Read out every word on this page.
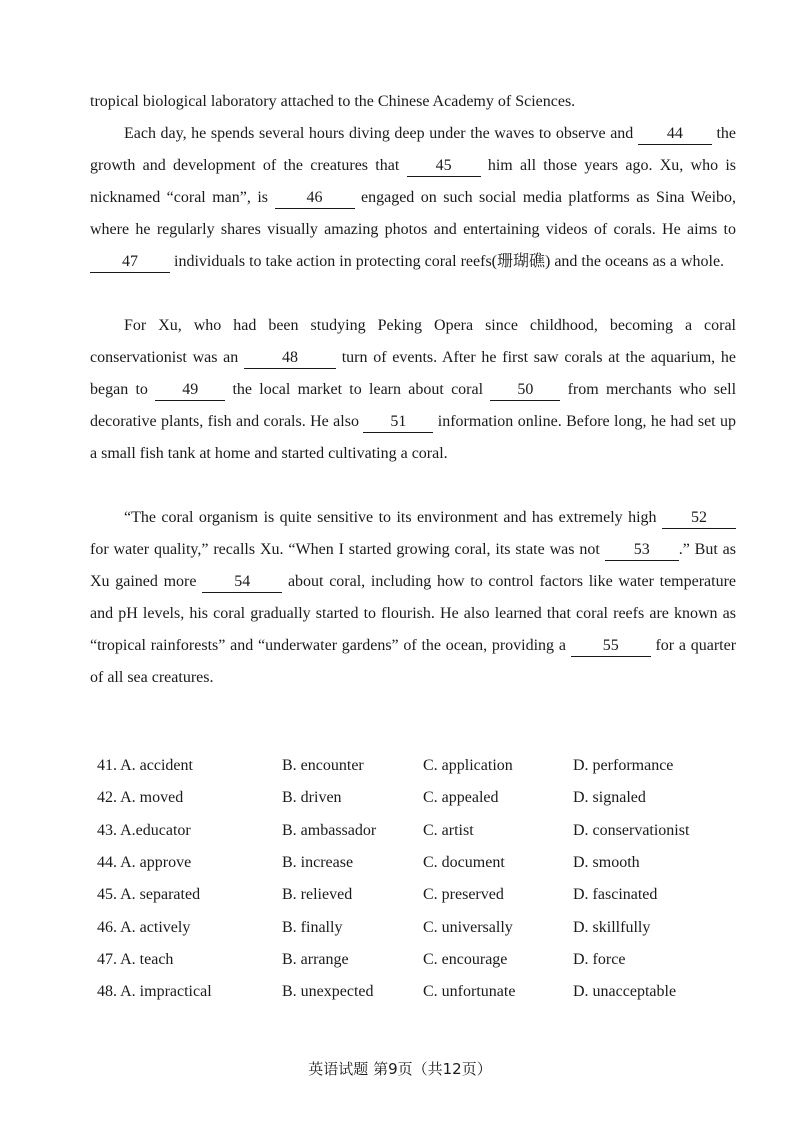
tropical biological laboratory attached to the Chinese Academy of Sciences.
Each day, he spends several hours diving deep under the waves to observe and 44 the growth and development of the creatures that 45 him all those years ago. Xu, who is nicknamed “coral man”, is 46 engaged on such social media platforms as Sina Weibo, where he regularly shares visually amazing photos and entertaining videos of corals. He aims to 47 individuals to take action in protecting coral reefs(珊瑚礁) and the oceans as a whole.
For Xu, who had been studying Peking Opera since childhood, becoming a coral conservationist was an	48	turn of events. After he first saw corals at the aquarium, he began to 49 the local market to learn about coral 50 from merchants who sell decorative plants, fish and corals. He also 51 information online. Before long, he had set up a small fish tank at home and started cultivating a coral.
“The coral organism is quite sensitive to its environment and has extremely high 52 for water quality,” recalls Xu. “When I started growing coral, its state was not 53 .” But as Xu gained more 54 about coral, including how to control factors like water temperature and pH levels, his coral gradually started to flourish. He also learned that coral reefs are known as “tropical rainforests” and “underwater gardens” of the ocean, providing a 55 for a quarter of all sea creatures.
41. A. accident	B. encounter	C. application	D. performance
42. A. moved	B. driven	C. appealed	D. signaled
43. A.educator	B. ambassador	C. artist	D. conservationist
44. A. approve	B. increase	C. document	D. smooth
45. A. separated	B. relieved	C. preserved	D. fascinated
46. A. actively	B. finally	C. universally	D. skillfully
47. A. teach	B. arrange	C. encourage	D. force
48. A. impractical	B. unexpected	C. unfortunate	D. unacceptable
英语试题 第9页（共12页）
